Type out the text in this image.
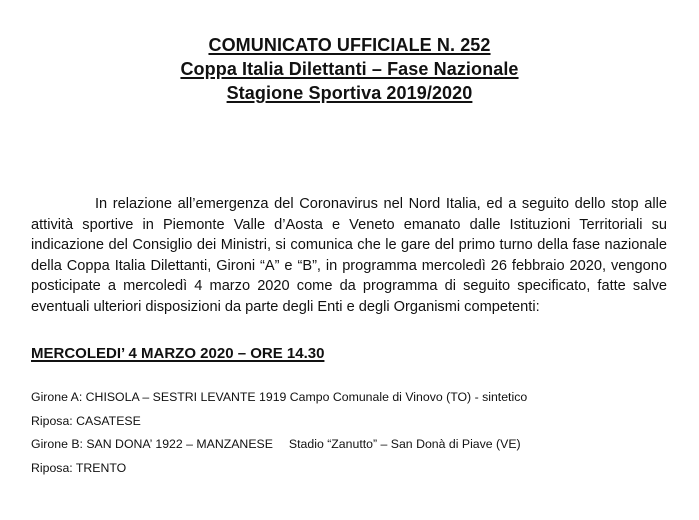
COMUNICATO UFFICIALE N. 252
Coppa Italia Dilettanti – Fase Nazionale
Stagione Sportiva 2019/2020
In relazione all’emergenza del Coronavirus nel Nord Italia, ed a seguito dello stop alle attività sportive in Piemonte Valle d’Aosta e Veneto emanato dalle Istituzioni Territoriali su indicazione del Consiglio dei Ministri, si comunica che le gare del primo turno della fase nazionale della Coppa Italia Dilettanti, Gironi “A” e “B”, in programma mercoledì 26 febbraio 2020, vengono posticipate a mercoledì 4 marzo 2020 come da programma di seguito specificato, fatte salve eventuali ulteriori disposizioni da parte degli Enti e degli Organismi competenti:
MERCOLEDI’ 4 MARZO 2020 – ORE 14.30
Girone A: CHISOLA – SESTRI LEVANTE 1919 Campo Comunale di Vinovo (TO) - sintetico
Riposa: CASATESE
Girone B: SAN DONA’ 1922 – MANZANESE Stadio “Zanutto” – San Donà di Piave (VE)
Riposa: TRENTO
